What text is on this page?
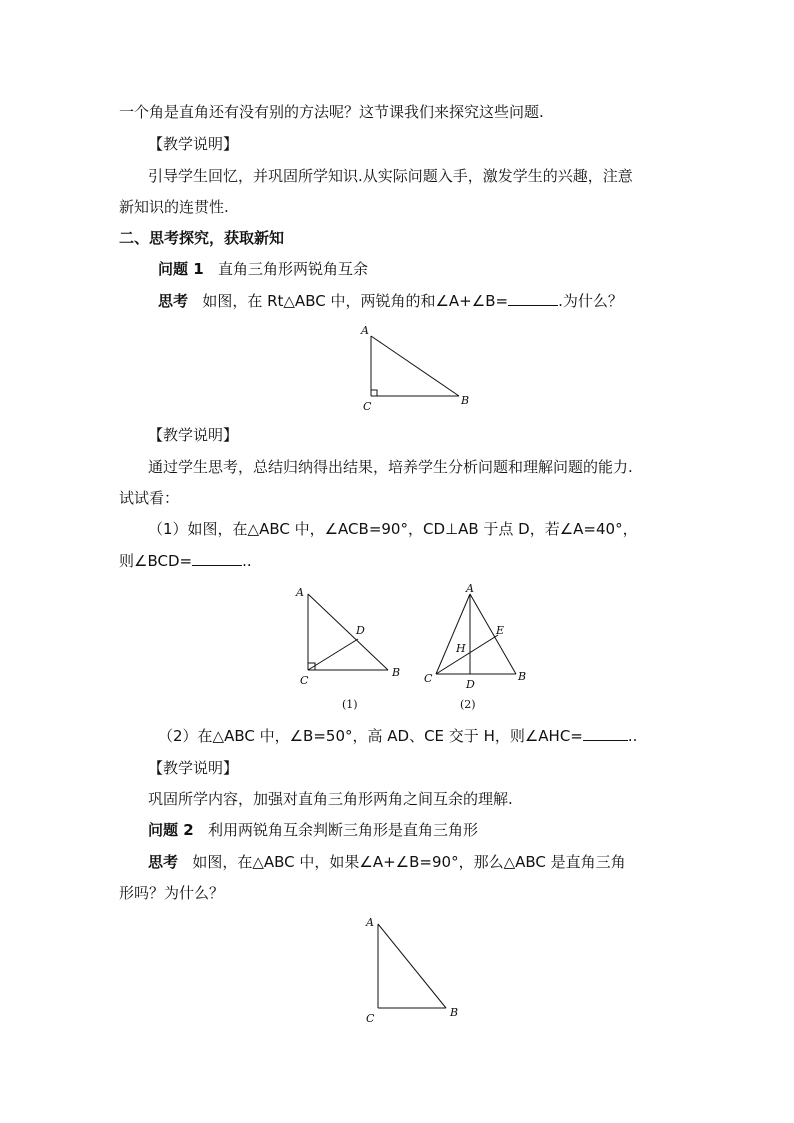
一个角是直角还有没有别的方法呢？这节课我们来探究这些问题.
【教学说明】
引导学生回忆，并巩固所学知识.从实际问题入手，激发学生的兴趣，注意
新知识的连贯性.
二、思考探究，获取新知
问题 1 直角三角形两锐角互余
思考 如图，在 Rt△ABC 中，两锐角的和∠A+∠B=	.为什么？
A
C	B
【教学说明】
通过学生思考，总结归纳得出结果，培养学生分析问题和理解问题的能力.
试试看：
（1）如图，在△ABC 中，∠ACB=90°，CD⊥AB 于点 D，若∠A=40°，
则∠BCD=	..
A
D
C
B
(1)
A
E
H
C	D
B
(2)
（2）在△ABC 中，∠B=50°，高 AD、CE 交于 H，则∠AHC=	..
【教学说明】
巩固所学内容，加强对直角三角形两角之间互余的理解.
问题 2 利用两锐角互余判断三角形是直角三角形
思考 如图，在△ABC 中，如果∠A+∠B=90°，那么△ABC 是直角三角
形吗？为什么？
A
C	B
